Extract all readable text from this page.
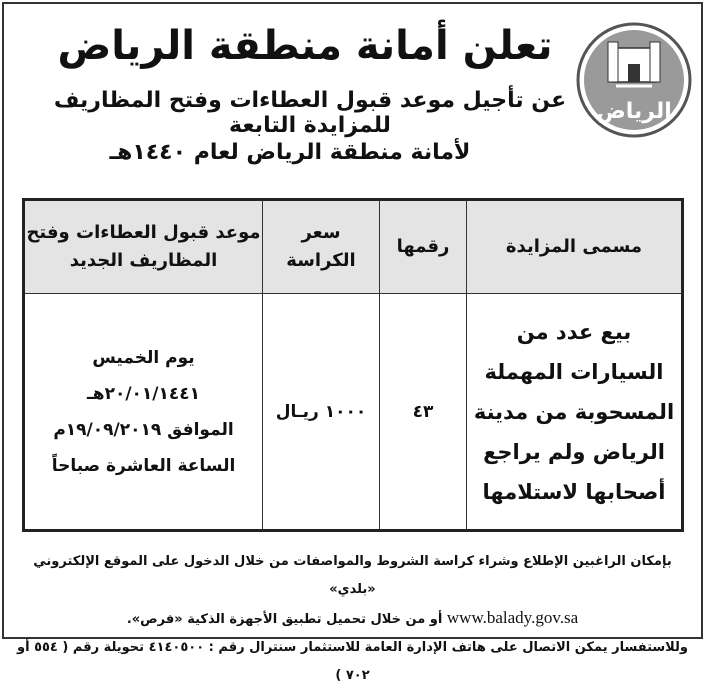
الرياض
تعلن أمانة منطقة الرياض
عن تأجيل موعد قبول العطاءات وفتح المظاريف للمزايدة التابعة
لأمانة منطقة الرياض لعام ١٤٤٠هـ
مسمى المزايدة	رقمها	سعر الكراسة	موعد قبول العطاءات وفتح المظاريف الجديد
بيع عدد من السيارات المهملة المسحوبة من مدينة الرياض ولم يراجع أصحابها لاستلامها	٤٣	١٠٠٠ ريـال	يوم الخميس
٢٠/٠١/١٤٤١هـ
الموافق ١٩/٠٩/٢٠١٩م
الساعة العاشرة صباحاً
بإمكان الراغبين الإطلاع وشراء كراسة الشروط والمواصفات من خلال الدخول على الموقع الإلكتروني «بلدي»
www.balady.gov.sa أو من خلال تحميل تطبيق الأجهزة الذكية «فرص».
وللاستفسار يمكن الاتصال على هاتف الإدارة العامة للاستثمار سنترال رقم : ٤١٤٠٥٠٠ تحويلة رقم ( ٥٥٤ أو ٧٠٢ )
